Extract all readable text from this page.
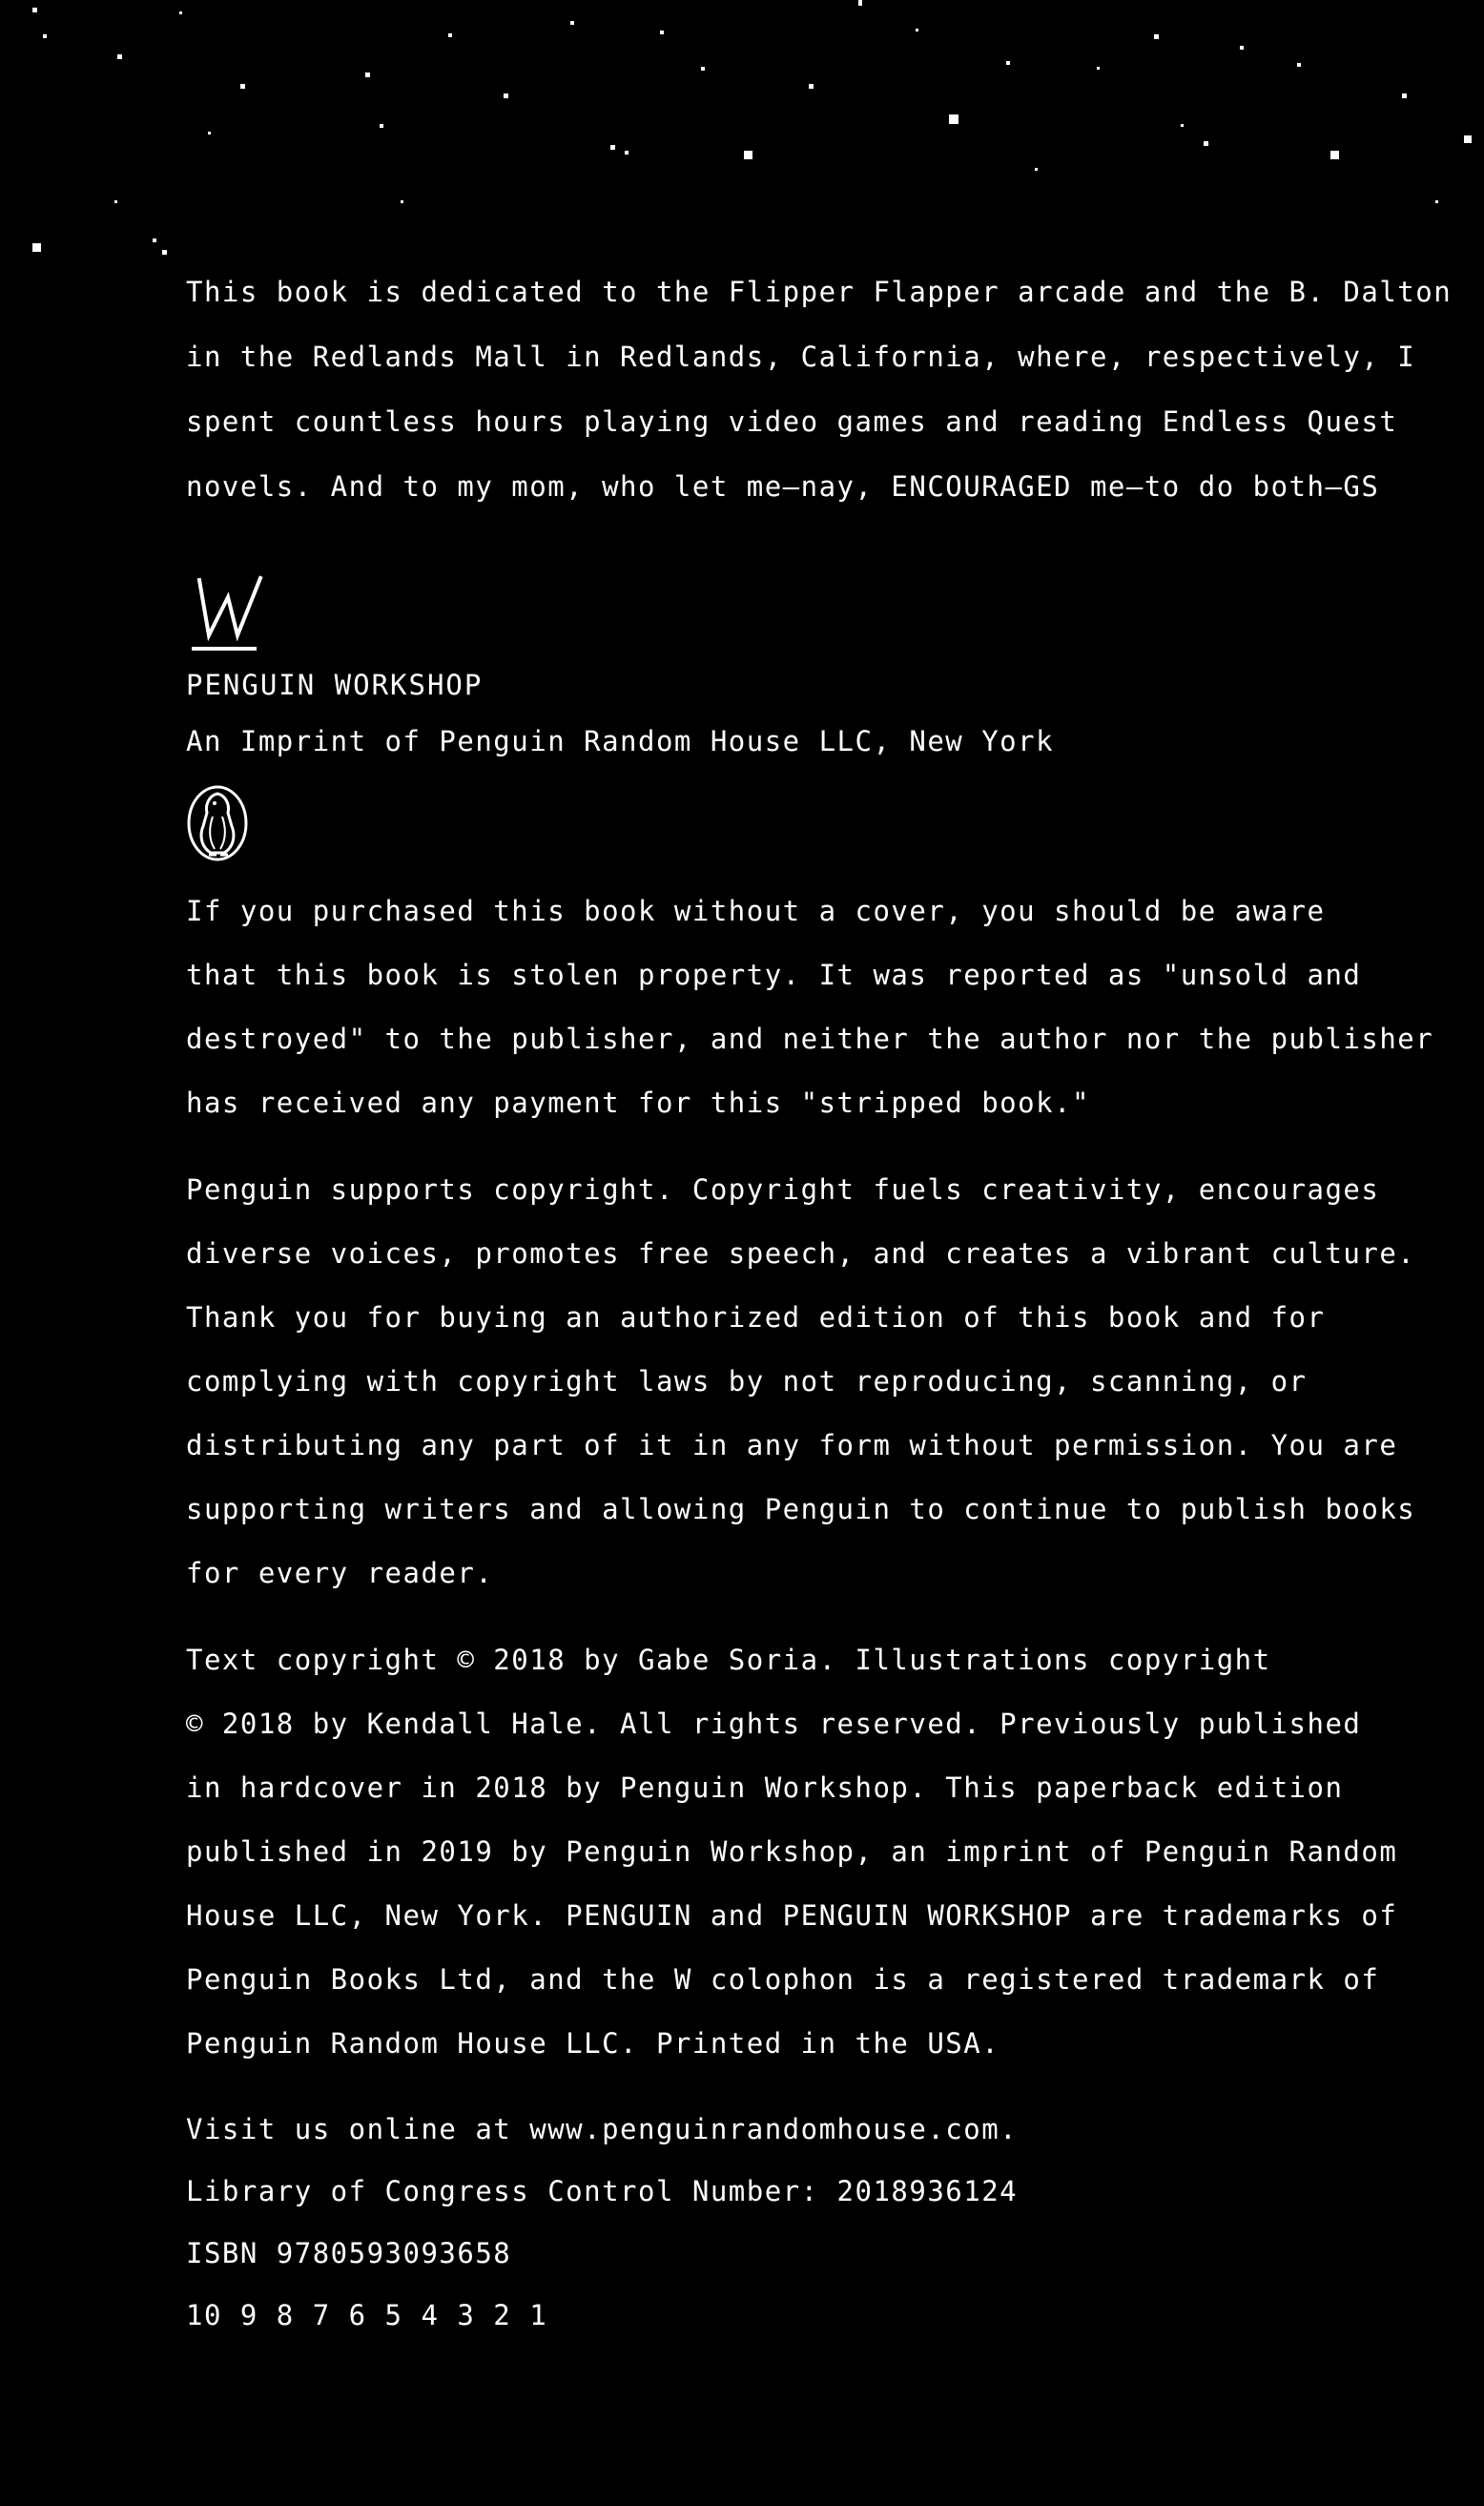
This book is dedicated to the Flipper Flapper arcade and the B. Dalton

in the Redlands Mall in Redlands, California, where, respectively, I

spent countless hours playing video games and reading Endless Quest

novels. And to my mom, who let me—nay, ENCOURAGED me—to do both—GS

PENGUIN WORKSHOP

An Imprint of Penguin Random House LLC, New York

If you purchased this book without a cover, you should be aware

that this book is stolen property. It was reported as "unsold and

destroyed" to the publisher, and neither the author nor the publisher

has received any payment for this "stripped book."

Penguin supports copyright. Copyright fuels creativity, encourages

diverse voices, promotes free speech, and creates a vibrant culture.

Thank you for buying an authorized edition of this book and for

complying with copyright laws by not reproducing, scanning, or

distributing any part of it in any form without permission. You are

supporting writers and allowing Penguin to continue to publish books

for every reader.

Text copyright © 2018 by Gabe Soria. Illustrations copyright

© 2018 by Kendall Hale. All rights reserved. Previously published

in hardcover in 2018 by Penguin Workshop. This paperback edition

published in 2019 by Penguin Workshop, an imprint of Penguin Random

House LLC, New York. PENGUIN and PENGUIN WORKSHOP are trademarks of

Penguin Books Ltd, and the W colophon is a registered trademark of

Penguin Random House LLC. Printed in the USA.

Visit us online at www.penguinrandomhouse.com.

Library of Congress Control Number: 2018936124

ISBN 9780593093658

10 9 8 7 6 5 4 3 2 1
